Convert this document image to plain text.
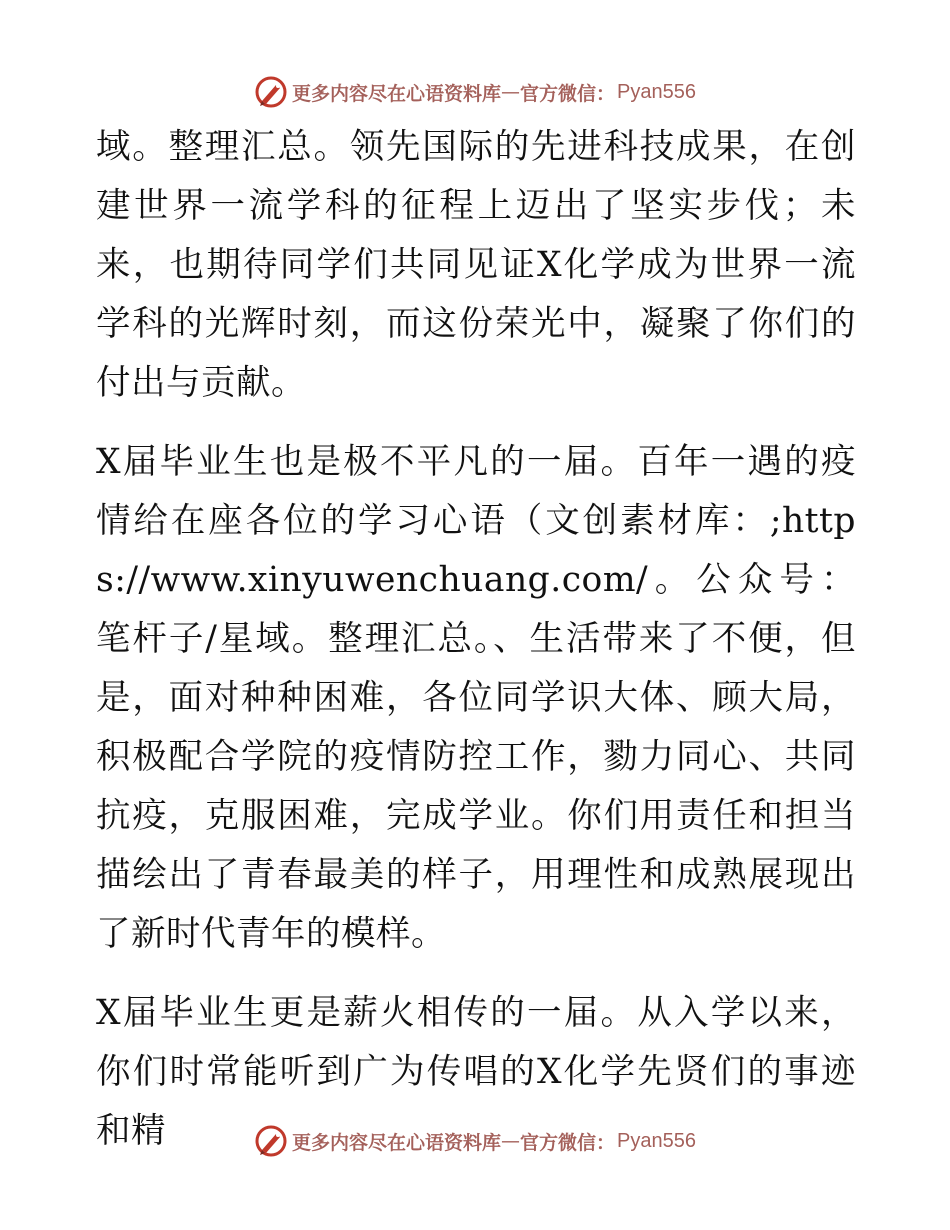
更多内容尽在心语资料库 — 官方微信： Pyan556

域。整理汇总。领先国际的先进科技成果，在创建世界一流学科的征程上迈出了坚实步伐；未来，也期待同学们共同见证X化学成为世界一流学科的光辉时刻，而这份荣光中，凝聚了你们的付出与贡献。

X届毕业生也是极不平凡的一届。百年一遇的疫情给在座各位的学习心语（文创素材库：;https://www.xinyuwenchuang.com/。公众号：笔杆子/星域。整理汇总。、生活带来了不便，但是，面对种种困难，各位同学识大体、顾大局，积极配合学院的疫情防控工作，勠力同心、共同抗疫，克服困难，完成学业。你们用责任和担当描绘出了青春最美的样子，用理性和成熟展现出了新时代青年的模样。

X届毕业生更是薪火相传的一届。从入学以来，你们时常能听到广为传唱的X化学先贤们的事迹和精	更多内容尽在心语资料库 — 官方微信： Pyan556
